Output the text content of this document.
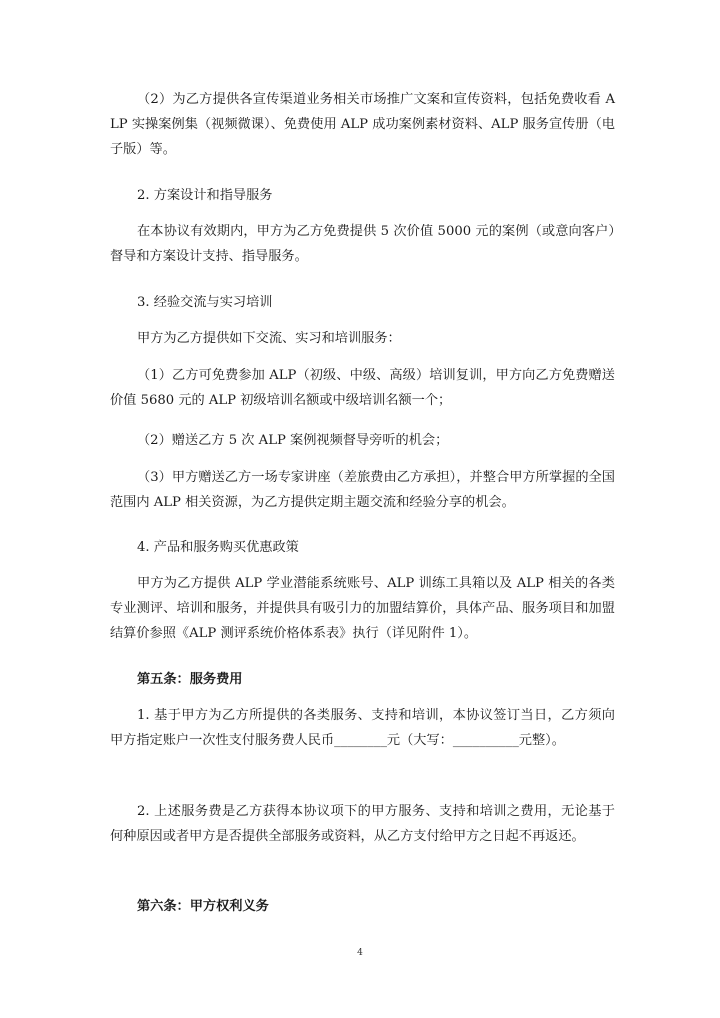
（2）为乙方提供各宣传渠道业务相关市场推广文案和宣传资料，包括免费收看 ALP 实操案例集（视频微课）、免费使用 ALP 成功案例素材资料、ALP 服务宣传册（电子版）等。

2. 方案设计和指导服务

在本协议有效期内，甲方为乙方免费提供 5 次价值 5000 元的案例（或意向客户）督导和方案设计支持、指导服务。

3. 经验交流与实习培训

甲方为乙方提供如下交流、实习和培训服务：

（1）乙方可免费参加 ALP（初级、中级、高级）培训复训，甲方向乙方免费赠送价值 5680 元的 ALP 初级培训名额或中级培训名额一个；

（2）赠送乙方 5 次 ALP 案例视频督导旁听的机会；

（3）甲方赠送乙方一场专家讲座（差旅费由乙方承担），并整合甲方所掌握的全国范围内 ALP 相关资源，为乙方提供定期主题交流和经验分享的机会。

4. 产品和服务购买优惠政策

甲方为乙方提供 ALP 学业潜能系统账号、ALP 训练工具箱以及 ALP 相关的各类专业测评、培训和服务，并提供具有吸引力的加盟结算价，具体产品、服务项目和加盟结算价参照《ALP 测评系统价格体系表》执行（详见附件 1）。

第五条：服务费用

1. 基于甲方为乙方所提供的各类服务、支持和培训，本协议签订当日，乙方须向甲方指定账户一次性支付服务费人民币________元（大写：__________元整）。

2. 上述服务费是乙方获得本协议项下的甲方服务、支持和培训之费用，无论基于何种原因或者甲方是否提供全部服务或资料，从乙方支付给甲方之日起不再返还。

第六条：甲方权利义务

4
